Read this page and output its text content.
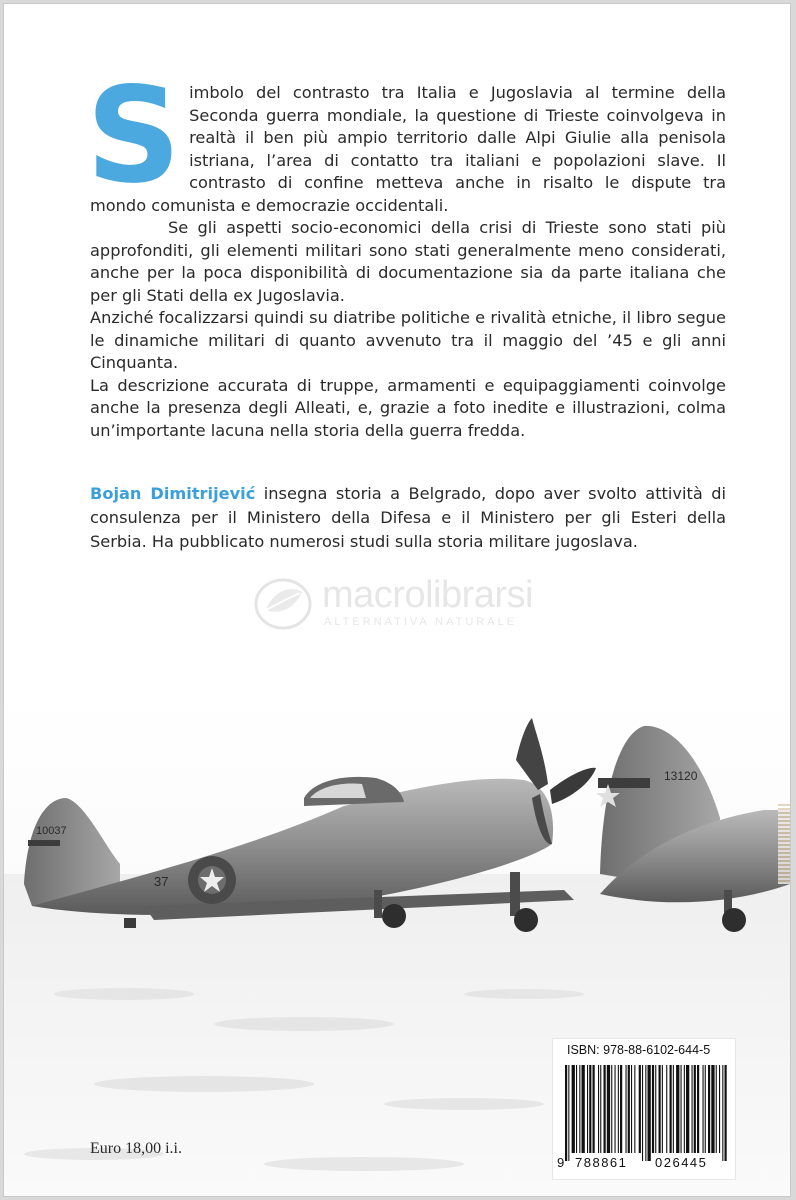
Simbolo del contrasto tra Italia e Jugoslavia al termine della Seconda guerra mondiale, la questione di Trieste coinvolgeva in realtà il ben più ampio territorio dalle Alpi Giulie alla penisola istriana, l’area di contatto tra italiani e popolazioni slave. Il contrasto di confine metteva anche in risalto le dispute tra mondo comunista e democrazie occidentali.

Se gli aspetti socio-economici della crisi di Trieste sono stati più approfonditi, gli elementi militari sono stati generalmente meno considerati, anche per la poca disponibilità di documentazione sia da parte italiana che per gli Stati della ex Jugoslavia.

Anziché focalizzarsi quindi su diatribe politiche e rivalità etniche, il libro segue le dinamiche militari di quanto avvenuto tra il maggio del ’45 e gli anni Cinquanta.

La descrizione accurata di truppe, armamenti e equipaggiamenti coinvolge anche la presenza degli Alleati, e, grazie a foto inedite e illustrazioni, colma un’importante lacuna nella storia della guerra fredda.

Bojan Dimitrijević insegna storia a Belgrado, dopo aver svolto attività di consulenza per il Ministero della Difesa e il Ministero per gli Esteri della Serbia. Ha pubblicato numerosi studi sulla storia militare jugoslava.

macrolibrarsi
ALTERNATIVA NATURALE
37
10037
13120
Euro 18,00 i.i.
ISBN: 978-88-6102-644-5
9 788861 026445
